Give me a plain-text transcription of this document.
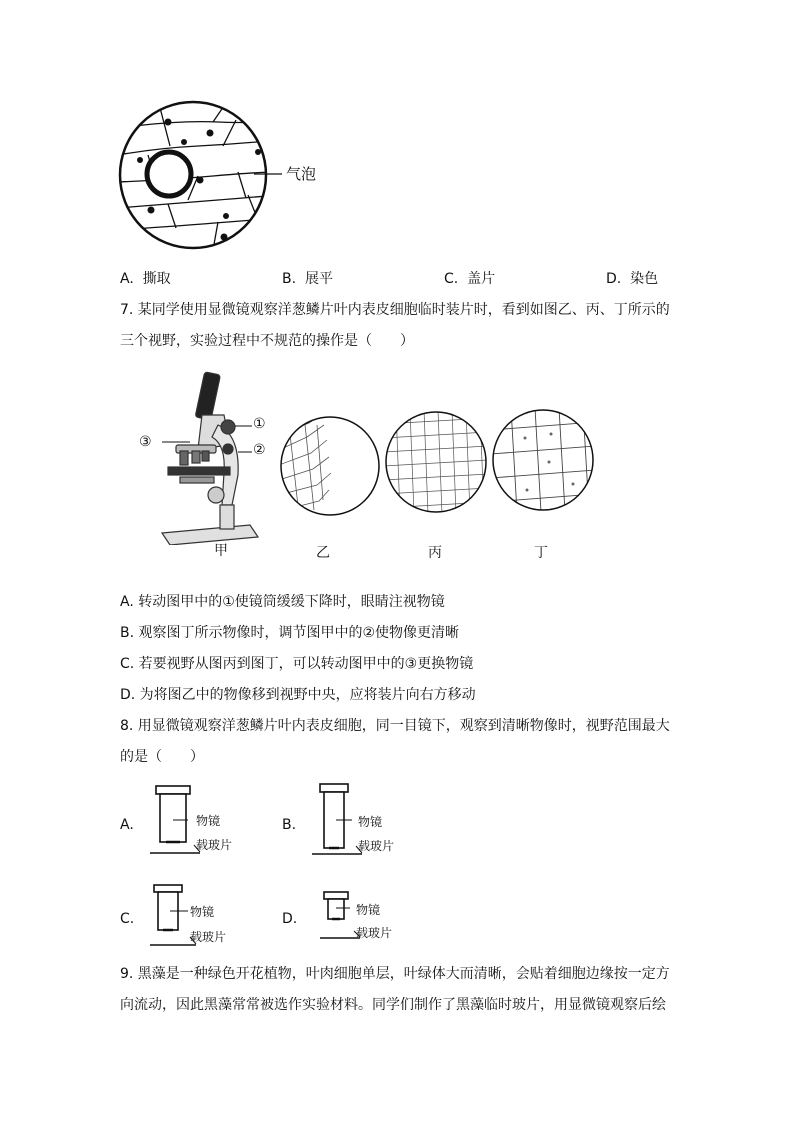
气泡
A. 撕取	B. 展平	C. 盖片	D. 染色
7. 某同学使用显微镜观察洋葱鳞片叶内表皮细胞临时装片时，看到如图乙、丙、丁所示的
三个视野，实验过程中不规范的操作是（　　）
①
②
③
甲	乙	丙	丁
A. 转动图甲中的①使镜筒缓缓下降时，眼睛注视物镜
B. 观察图丁所示物像时，调节图甲中的②使物像更清晰
C. 若要视野从图丙到图丁，可以转动图甲中的③更换物镜
D. 为将图乙中的物像移到视野中央，应将装片向右方移动
8. 用显微镜观察洋葱鳞片叶内表皮细胞，同一目镜下，观察到清晰物像时，视野范围最大
的是（　　）
A.	物镜
载玻片
B.	物镜
载玻片
C.	物镜
载玻片
D.
物镜
载玻片
9. 黑藻是一种绿色开花植物，叶肉细胞单层，叶绿体大而清晰，会贴着细胞边缘按一定方
向流动，因此黑藻常常被选作实验材料。同学们制作了黑藻临时玻片，用显微镜观察后绘
